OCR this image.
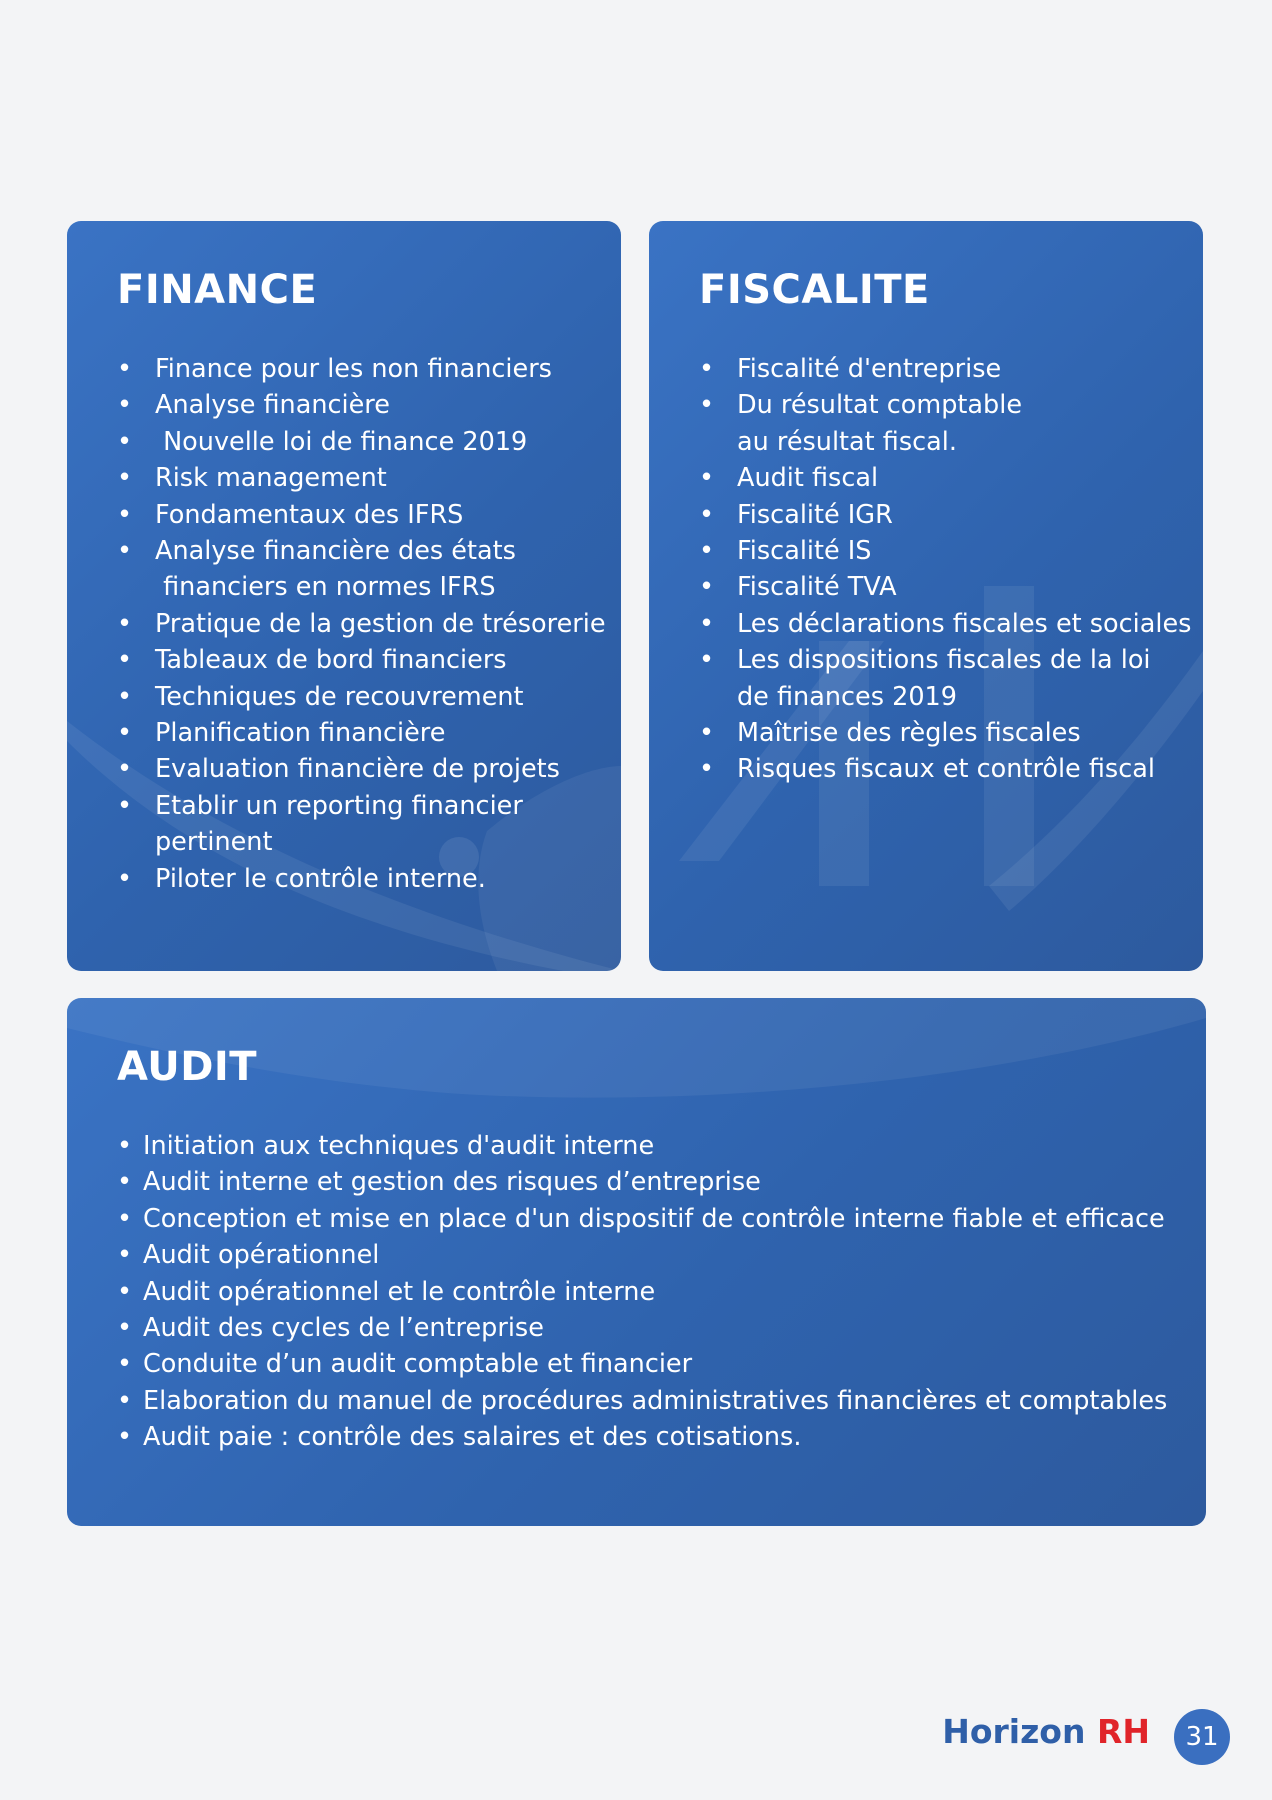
FINANCE
• Finance pour les non financiers
• Analyse financière
•  Nouvelle loi de finance 2019
• Risk management
• Fondamentaux des IFRS
• Analyse financière des états
financiers en normes IFRS
• Pratique de la gestion de trésorerie
• Tableaux de bord financiers
• Techniques de recouvrement
• Planification financière
• Evaluation financière de projets
• Etablir un reporting financier
pertinent
• Piloter le contrôle interne.
FISCALITE
• Fiscalité d'entreprise
• Du résultat comptable
au résultat fiscal.
• Audit fiscal
• Fiscalité IGR
• Fiscalité IS
• Fiscalité TVA
• Les déclarations fiscales et sociales
• Les dispositions fiscales de la loi
de finances 2019
• Maîtrise des règles fiscales
• Risques fiscaux et contrôle fiscal
AUDIT
• Initiation aux techniques d'audit interne
• Audit interne et gestion des risques d’entreprise
• Conception et mise en place d'un dispositif de contrôle interne fiable et efficace
• Audit opérationnel
• Audit opérationnel et le contrôle interne
• Audit des cycles de l’entreprise
• Conduite d’un audit comptable et financier
• Elaboration du manuel de procédures administratives financières et comptables
• Audit paie : contrôle des salaires et des cotisations.
Horizon RH	31
